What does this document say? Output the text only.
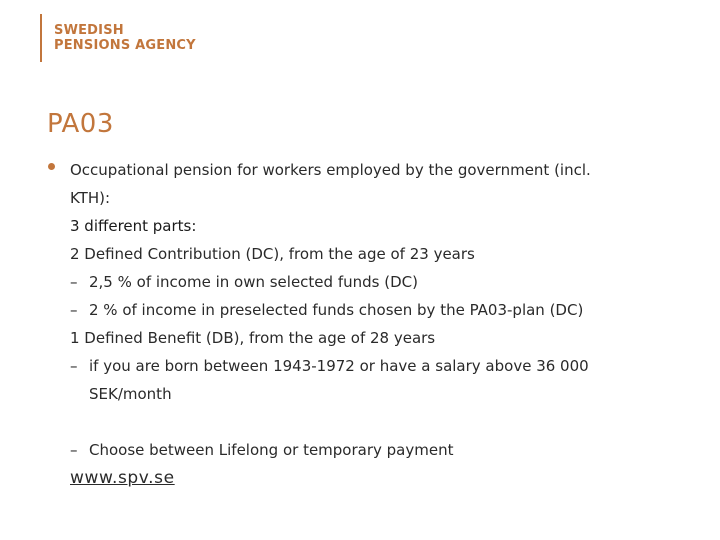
SWEDISH
PENSIONS AGENCY
PA03
Occupational pension for workers employed by the government (incl.
KTH):
3 different parts:
2 Defined Contribution (DC), from the age of 23 years
– 2,5 % of income in own selected funds (DC)
– 2 % of income in preselected funds chosen by the PA03-plan (DC)
1 Defined Benefit (DB), from the age of 28 years
– if you are born between 1943-1972 or have a salary above 36 000
SEK/month
– Choose between Lifelong or temporary payment
www.spv.se
